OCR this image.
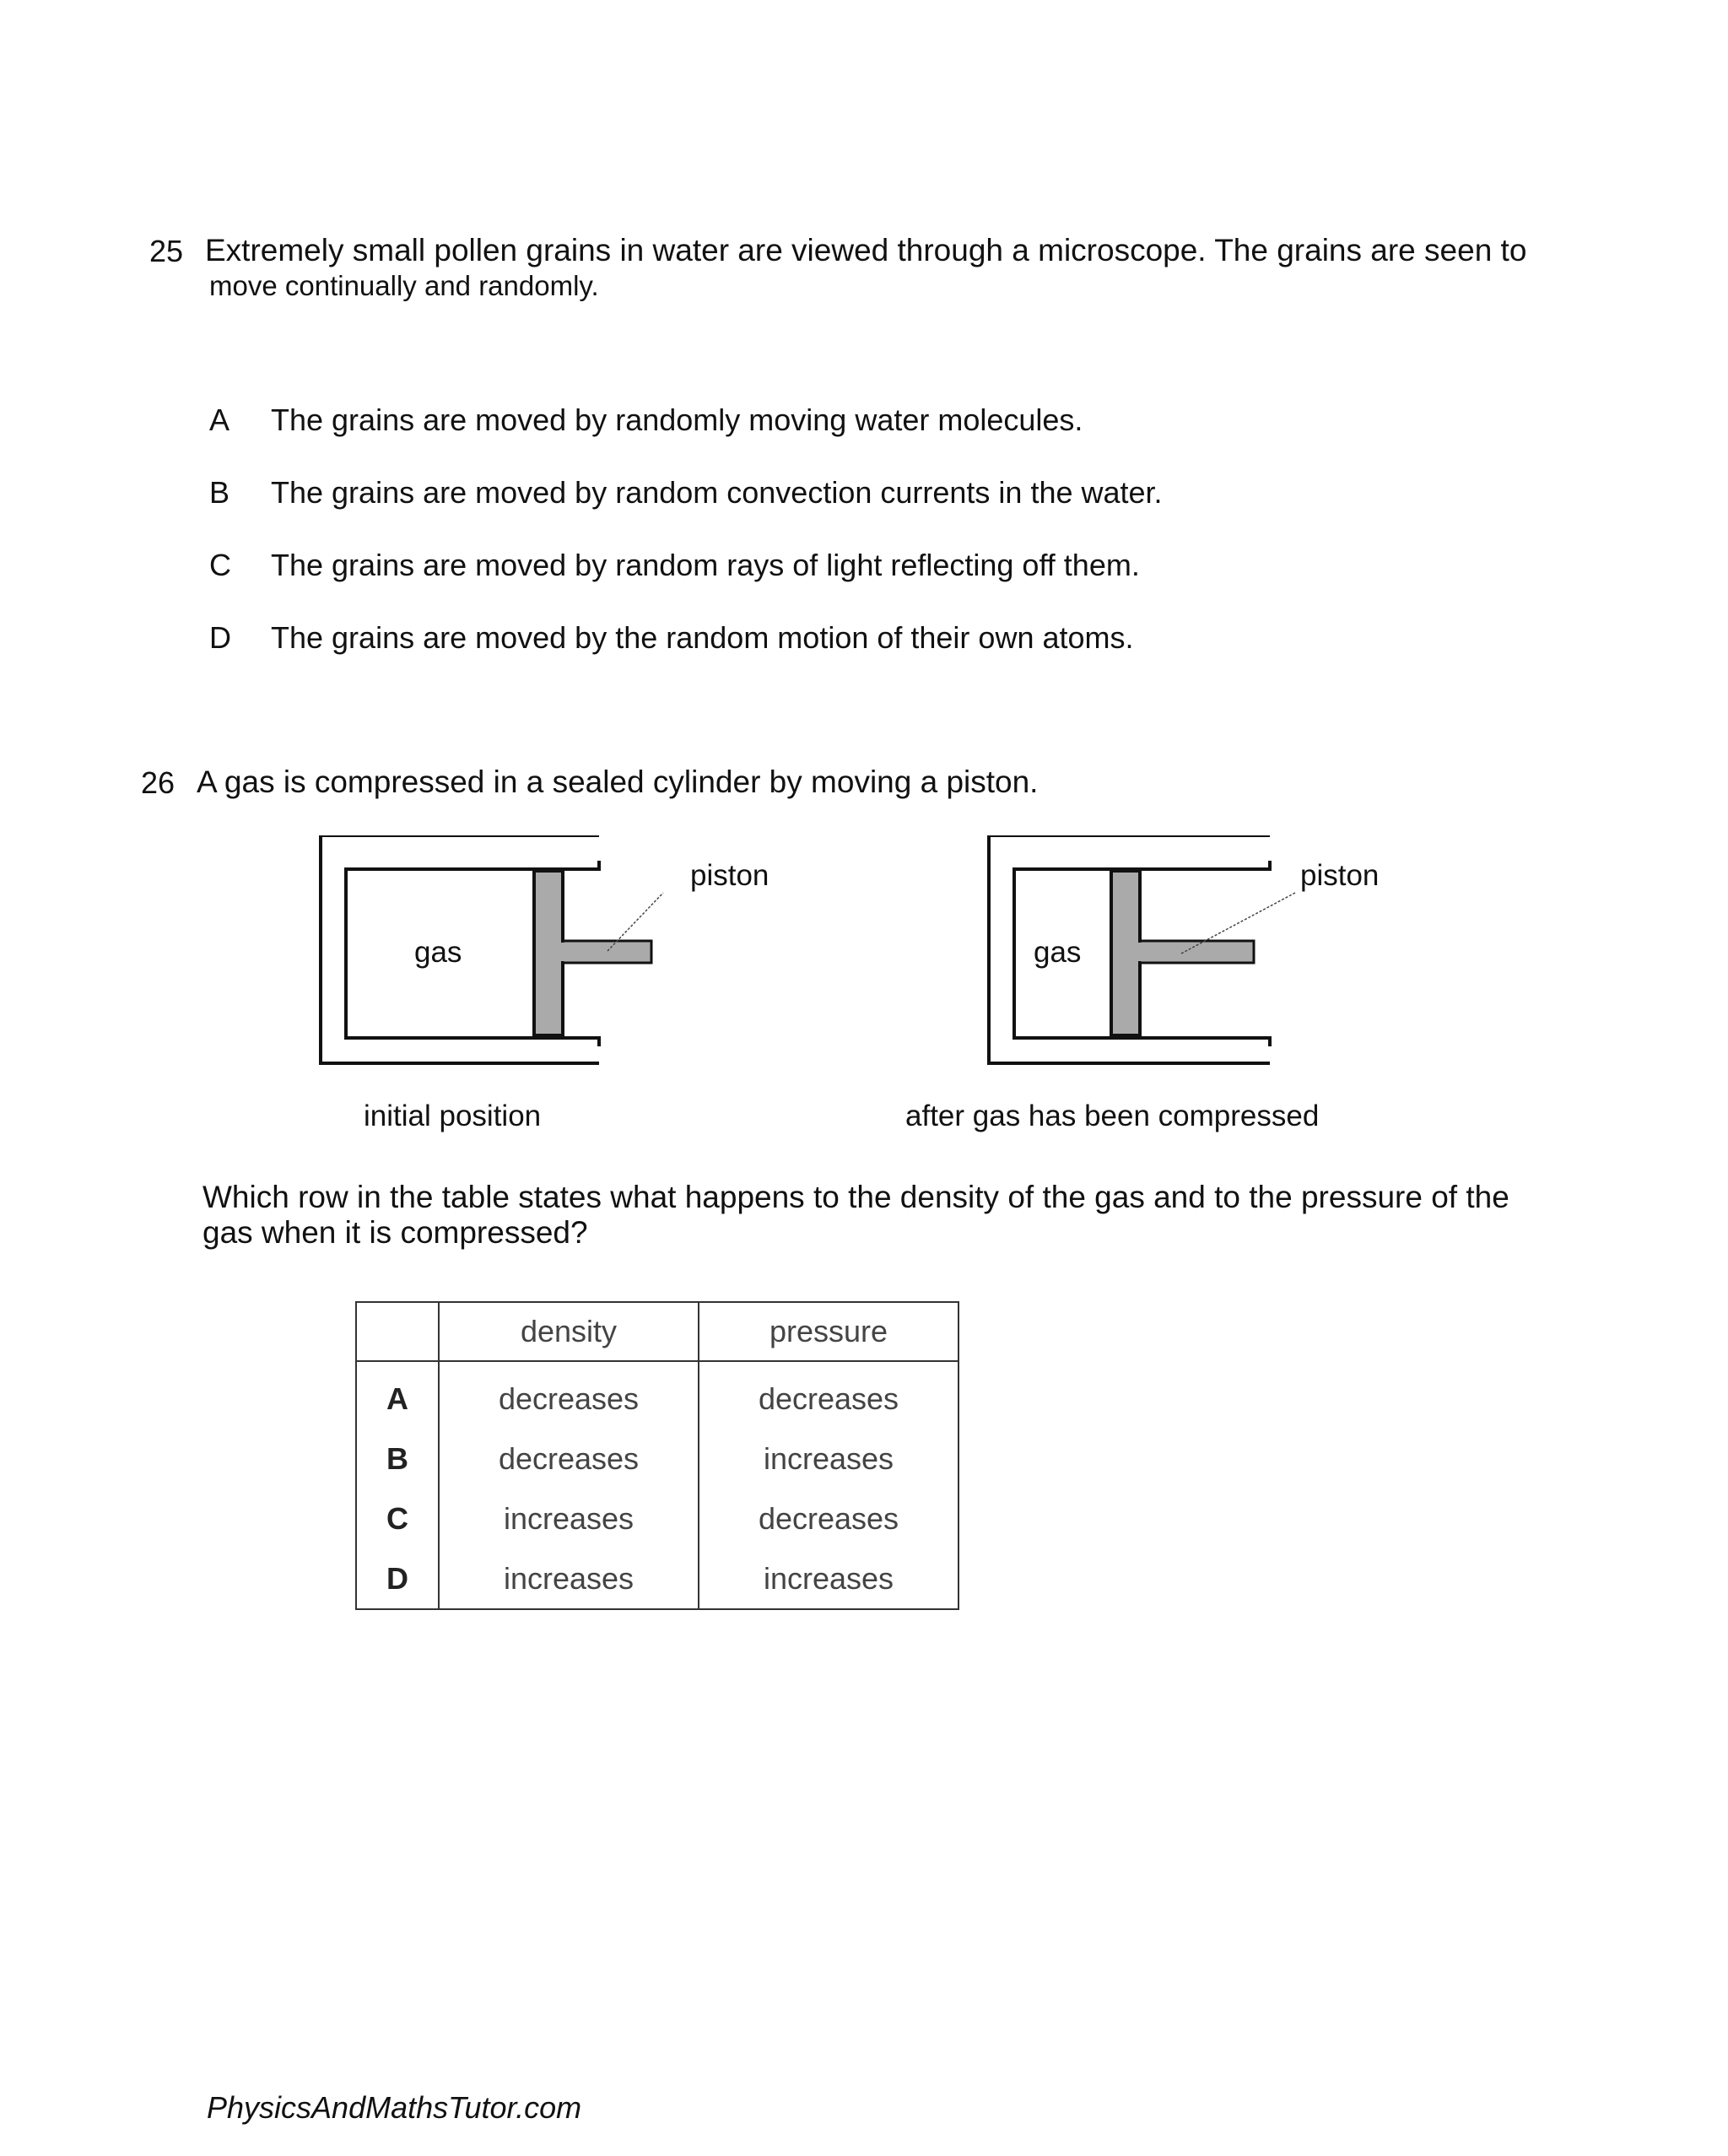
25 Extremely small pollen grains in water are viewed through a microscope. The grains are seen to
move continually and randomly.
A The grains are moved by randomly moving water molecules.
B The grains are moved by random convection currents in the water.
C The grains are moved by random rays of light reflecting off them.
D The grains are moved by the random motion of their own atoms.
26 A gas is compressed in a sealed cylinder by moving a piston.
gas
piston
initial position
gas
piston
after gas has been compressed
Which row in the table states what happens to the density of the gas and to the pressure of the
gas when it is compressed?
	density	pressure
A	decreases	decreases
B	decreases	increases
C	increases	decreases
D	increases	increases
PhysicsAndMathsTutor.com
